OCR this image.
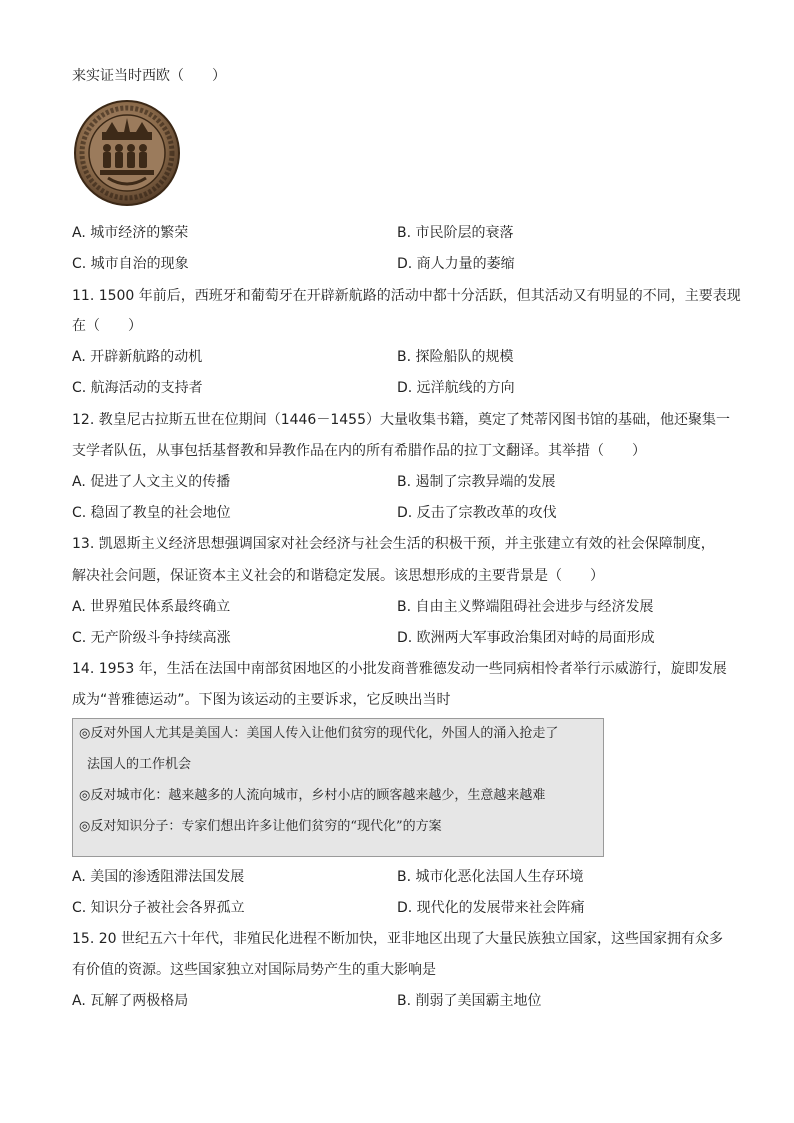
来实证当时西欧（　　）
A. 城市经济的繁荣	B. 市民阶层的衰落
C. 城市自治的现象	D. 商人力量的萎缩
11. 1500 年前后，西班牙和葡萄牙在开辟新航路的活动中都十分活跃，但其活动又有明显的不同，主要表现
在（　　）
A. 开辟新航路的动机	B. 探险船队的规模
C. 航海活动的支持者	D. 远洋航线的方向
12. 教皇尼古拉斯五世在位期间（1446－1455）大量收集书籍，奠定了梵蒂冈图书馆的基础，他还聚集一
支学者队伍，从事包括基督教和异教作品在内的所有希腊作品的拉丁文翻译。其举措（　　）
A. 促进了人文主义的传播	B. 遏制了宗教异端的发展
C. 稳固了教皇的社会地位	D. 反击了宗教改革的攻伐
13. 凯恩斯主义经济思想强调国家对社会经济与社会生活的积极干预，并主张建立有效的社会保障制度，
解决社会问题，保证资本主义社会的和谐稳定发展。该思想形成的主要背景是（　　）
A. 世界殖民体系最终确立	B. 自由主义弊端阻碍社会进步与经济发展
C. 无产阶级斗争持续高涨	D. 欧洲两大军事政治集团对峙的局面形成
14. 1953 年，生活在法国中南部贫困地区的小批发商普雅德发动一些同病相怜者举行示威游行，旋即发展
成为“普雅德运动”。下图为该运动的主要诉求，它反映出当时
◎反对外国人尤其是美国人：美国人传入让他们贫穷的现代化，外国人的涌入抢走了
法国人的工作机会
◎反对城市化：越来越多的人流向城市，乡村小店的顾客越来越少，生意越来越难
◎反对知识分子：专家们想出许多让他们贫穷的“现代化”的方案
A. 美国的渗透阻滞法国发展	B. 城市化恶化法国人生存环境
C. 知识分子被社会各界孤立	D. 现代化的发展带来社会阵痛
15. 20 世纪五六十年代，非殖民化进程不断加快，亚非地区出现了大量民族独立国家，这些国家拥有众多
有价值的资源。这些国家独立对国际局势产生的重大影响是
A. 瓦解了两极格局	B. 削弱了美国霸主地位
